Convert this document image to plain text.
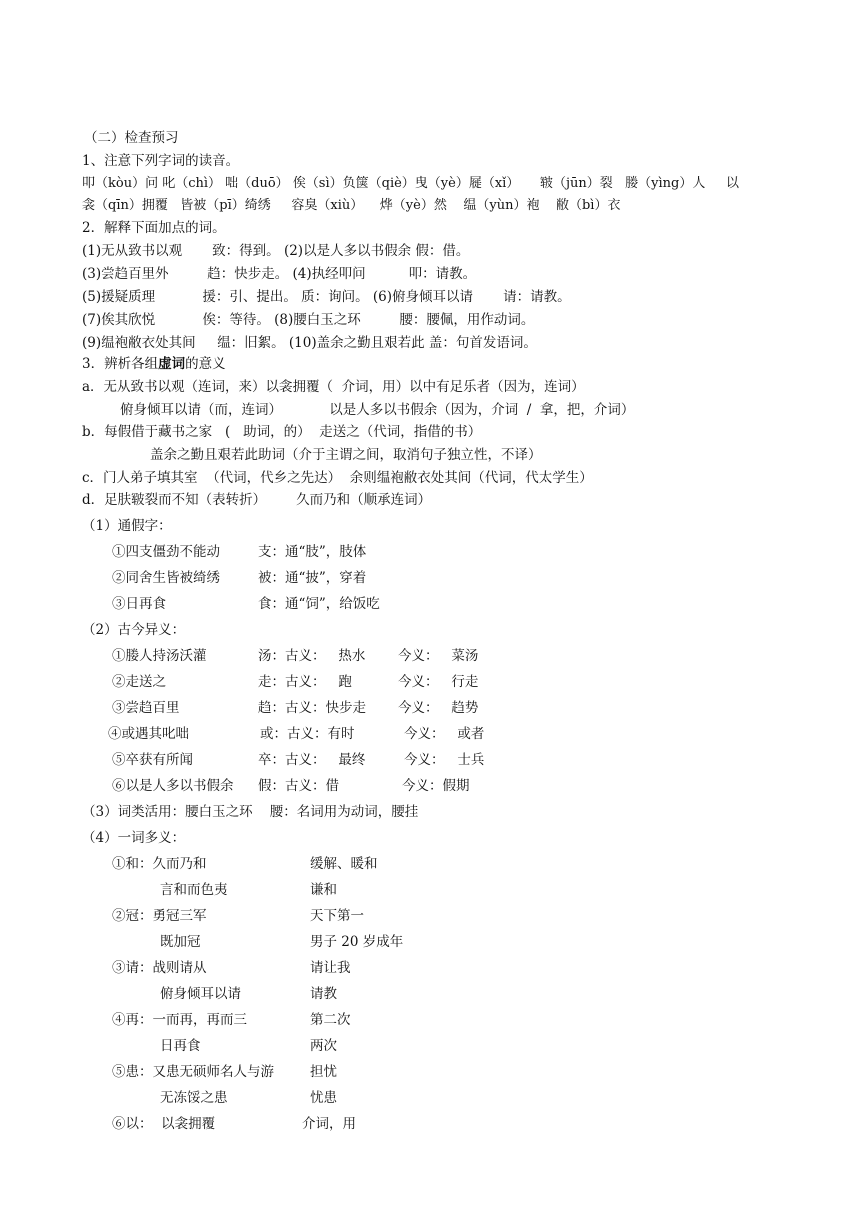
（二）检查预习
1、注意下列字词的读音。
叩（kòu）问 叱（chì） 咄（duō） 俟（sì）负箧（qiè）曳（yè）屣（xǐ）     皲（jūn）裂   媵（yìng）人     以
衾（qīn）拥覆   皆被（pī）绮绣     容臭（xiù）    烨（yè）然    缊（yùn）袍    敝（bì）衣
2．解释下面加点的词。
(1)无从致书以观       致：得到。 (2)以是人多以书假余 假：借。
(3)尝趋百里外         趋：快步走。 (4)执经叩问          叩：请教。
(5)援疑质理           援：引、提出。 质：询问。 (6)俯身倾耳以请       请：请教。
(7)俟其欣悦           俟：等待。 (8)腰白玉之环         腰：腰佩，用作动词。
(9)缊袍敝衣处其间     缊：旧絮。 (10)盖余之勤且艰若此 盖：句首发语词。
3．辨析各组虚词的意义
a．无从致书以观（连词，来）以衾拥覆（  介词，用）以中有足乐者（因为，连词）
俯身倾耳以请（而，连词）           以是人多以书假余（因为，介词  /  拿，把，介词）
b．每假借于藏书之家   (   助词，的）  走送之（代词，指借的书）
盖余之勤且艰若此助词（介于主谓之间，取消句子独立性，不译）
c．门人弟子填其室  （代词，代乡之先达）  余则缊袍敝衣处其间（代词，代太学生）
d．足肤皲裂而不知（表转折）       久而乃和（顺承连词）
（1）通假字：
①四支僵劲不能动	支：通“肢”，肢体
②同舍生皆被绮绣	被：通“披”，穿着
③日再食	食：通“饲”，给饭吃
（2）古今异义：
①媵人持汤沃灌	汤：古义：   热水 今义：   菜汤
②走送之	走：古义：   跑	今义：   行走
③尝趋百里	趋：古义：快步走 今义：   趋势
④或遇其叱咄	或：古义：有时	今义：   或者
⑤卒获有所闻	卒：古义：   最终	今义：   士兵
⑥以是人多以书假余 假：古义：借	今义：假期
（3）词类活用：腰白玉之环    腰：名词用为动词，腰挂
（4）一词多义：
①和：久而乃和	缓解、暖和
言和而色夷	谦和
②冠：勇冠三军	天下第一
既加冠	男子 20 岁成年
③请：战则请从	请让我
俯身倾耳以请	请教
④再：一而再，再而三	第二次
日再食	两次
⑤患：又患无硕师名人与游	担忧
无冻馁之患	忧患
⑥以：  以衾拥覆	介词，用
